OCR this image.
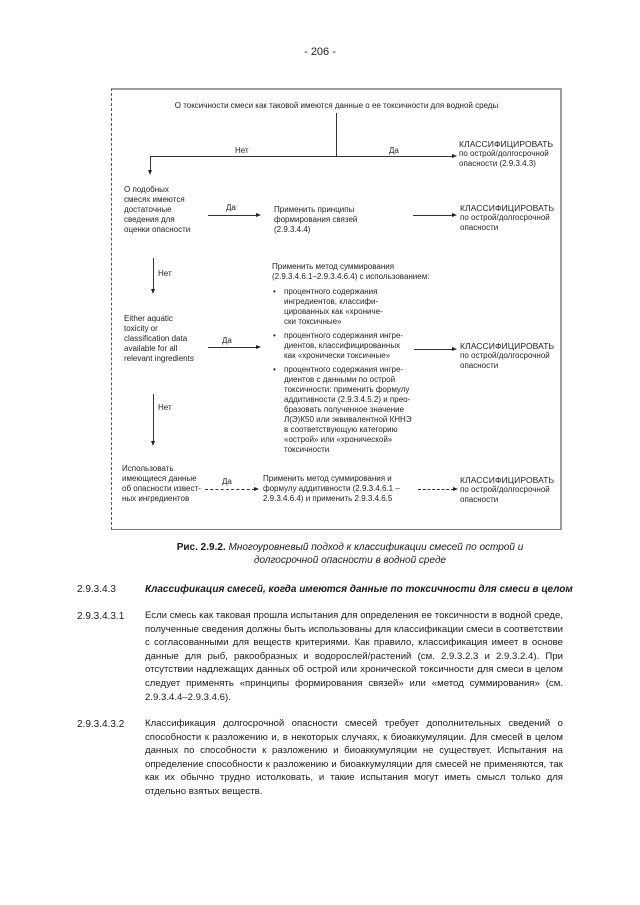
- 206 -
О токсичности смеси как таковой имеются данные о ее токсичности для водной среды
Нет	Да
КЛАССИФИЦИРОВАТЬ
по острой/долгосрочной
опасности (2.9.3.4.3)
О подобных
смесях имеются
достаточные
сведения для
оценки опасности
Да	Применить принципы
формирования связей
(2.9.3.4.4)
КЛАССИФИЦИРОВАТЬ
по острой/долгосрочной
опасности
Нет
Either aquatic
toxicity or
classification data
available for all
relevant ingredients
Да
Применить метод суммирования
(2.9.3.4.6.1–2.9.3.4.6.4) с использованием:
• процентного содержания
ингредиентов, классифи-
цированных как «хрониче-
ски токсичные»
• процентного содержания ингре-
диентов, классифицированных
как «хронически токсичные»
• процентного содержания ингре-
диентов с данными по острой
токсичности: применить формулу
аддитивности (2.9.3.4.5.2) и прео-
бразовать полученное значение
Л(Э)К50 или эквивалентной КННЭ
в соответствующую категорию
«острой» или «хронической»
токсичности
КЛАССИФИЦИРОВАТЬ
по острой/долгосрочной
опасности
Нет
Использовать
имеющиеся данные
об опасности извест-
ных ингредиентов
Да	Применить метод суммирования и
формулу аддитивности (2.9.3.4.6.1 –
2.9.3.4.6.4) и применить 2.9.3.4.6.5
КЛАССИФИЦИРОВАТЬ
по острой/долгосрочной
опасности
Рис. 2.9.2. Многоуровневый подход к классификации смесей по острой и
долгосрочной опасности в водной среде
2.9.3.4.3	Классификация смесей, когда имеются данные по токсичности для смеси в целом
2.9.3.4.3.1 Если смесь как таковая прошла испытания для определения ее токсичности в водной среде, полученные сведения должны быть использованы для классификации смеси в соответствии с согласованными для веществ критериями. Как правило, классификация имеет в основе данные для рыб, ракообразных и водорослей/растений (см. 2.9.3.2.3 и 2.9.3.2.4). При отсутствии надлежащих данных об острой или хронической токсичности для смеси в целом следует применять «принципы формирования связей» или «метод суммирования» (см. 2.9.3.4.4–2.9.3.4.6).
2.9.3.4.3.2 Классификация долгосрочной опасности смесей требует дополнительных сведений о способности к разложению и, в некоторых случаях, к биоаккумуляции. Для смесей в целом данных по способности к разложению и биоаккумуляции не существует. Испытания на определение способности к разложению и биоаккумуляции для смесей не применяются, так как их обычно трудно истолковать, и такие испытания могут иметь смысл только для отдельно взятых веществ.
